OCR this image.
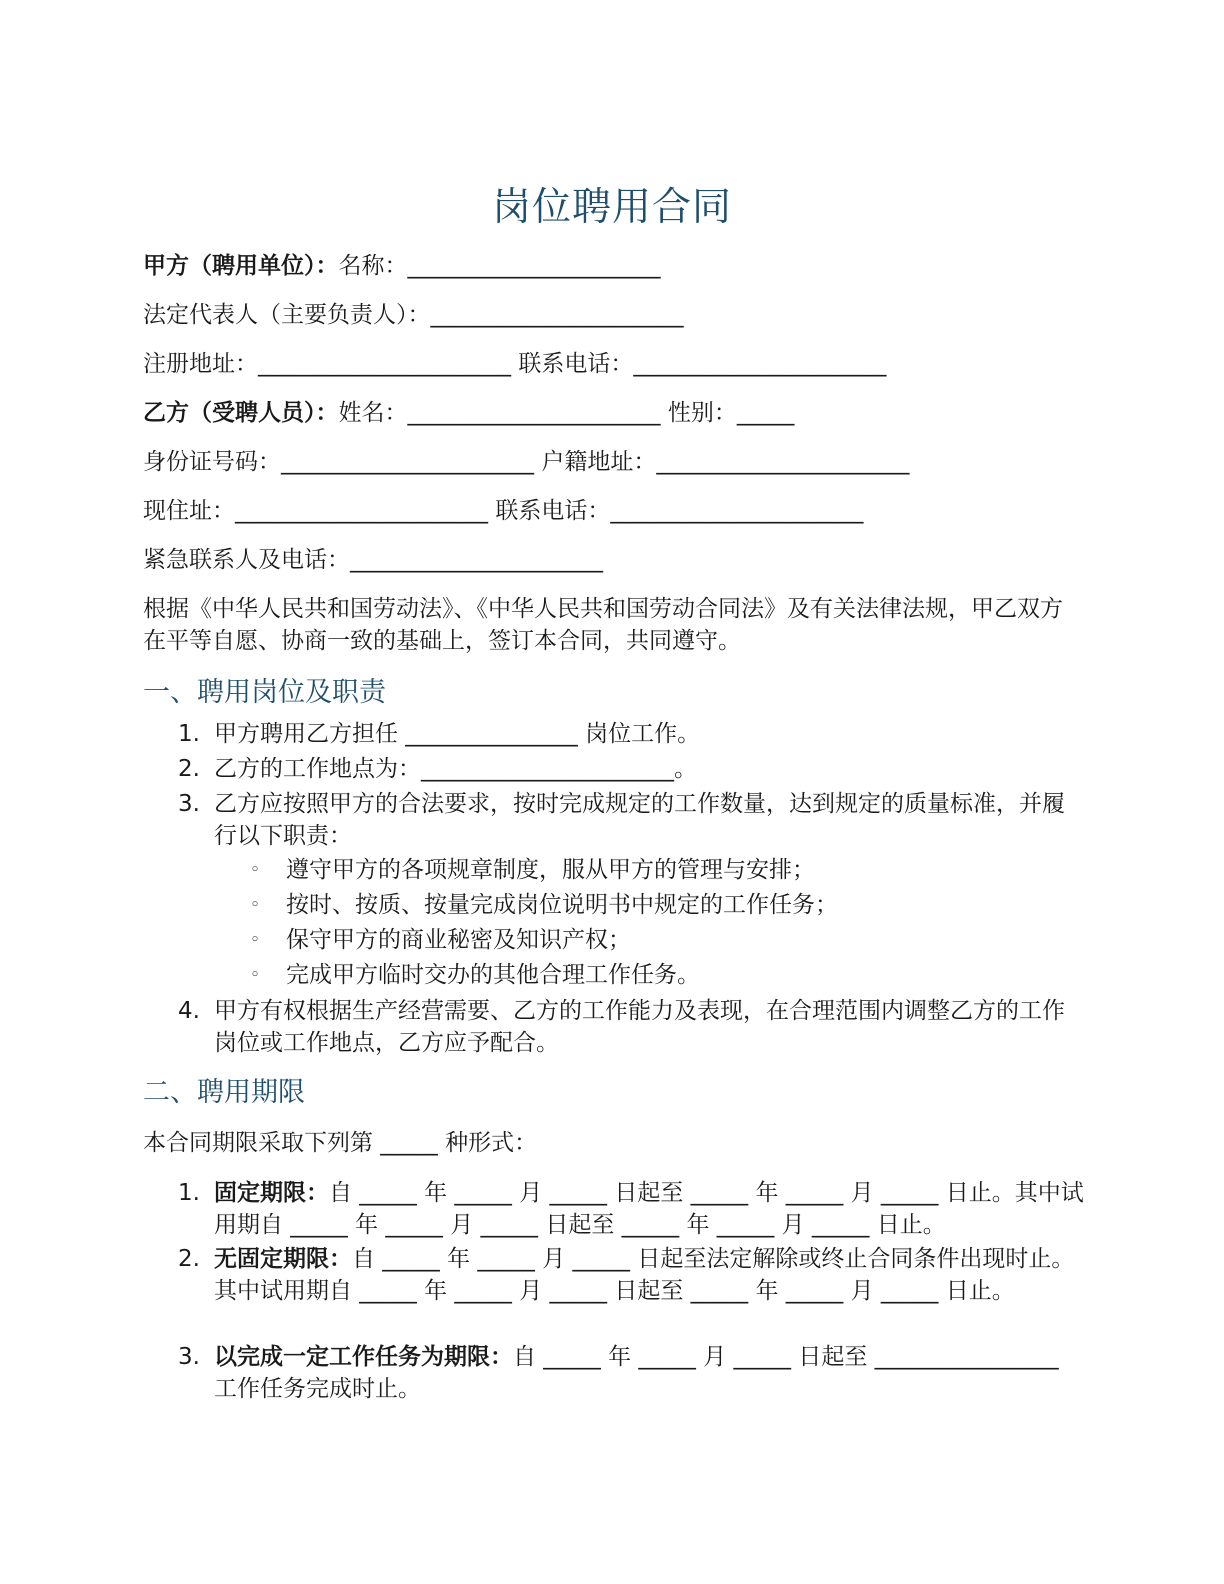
岗位聘用合同
甲方（聘用单位）：名称：______________________
法定代表人（主要负责人）：______________________
注册地址：______________________ 联系电话：______________________
乙方（受聘人员）：姓名：______________________ 性别：_____
身份证号码：______________________ 户籍地址：______________________
现住址：______________________ 联系电话：______________________
紧急联系人及电话：______________________
根据《中华人民共和国劳动法》、《中华人民共和国劳动合同法》及有关法律法规，甲乙双方在平等自愿、协商一致的基础上，签订本合同，共同遵守。
一、聘用岗位及职责
1. 甲方聘用乙方担任 _______________ 岗位工作。
2. 乙方的工作地点为：______________________。
3. 乙方应按照甲方的合法要求，按时完成规定的工作数量，达到规定的质量标准，并履行以下职责：
◦ 遵守甲方的各项规章制度，服从甲方的管理与安排；
◦ 按时、按质、按量完成岗位说明书中规定的工作任务；
◦ 保守甲方的商业秘密及知识产权；
◦ 完成甲方临时交办的其他合理工作任务。
4. 甲方有权根据生产经营需要、乙方的工作能力及表现，在合理范围内调整乙方的工作岗位或工作地点，乙方应予配合。
二、聘用期限
本合同期限采取下列第 _____ 种形式：
1. 固定期限：自 _____ 年 _____ 月 _____ 日起至 _____ 年 _____ 月 _____ 日止。其中试用期自 _____ 年 _____ 月 _____ 日起至 _____ 年 _____ 月 _____ 日止。
2. 无固定期限：自 _____ 年 _____ 月 _____ 日起至法定解除或终止合同条件出现时止。其中试用期自 _____ 年 _____ 月 _____ 日起至 _____ 年 _____ 月 _____ 日止。
3. 以完成一定工作任务为期限：自 _____ 年 _____ 月 _____ 日起至 ________________ 工作任务完成时止。
